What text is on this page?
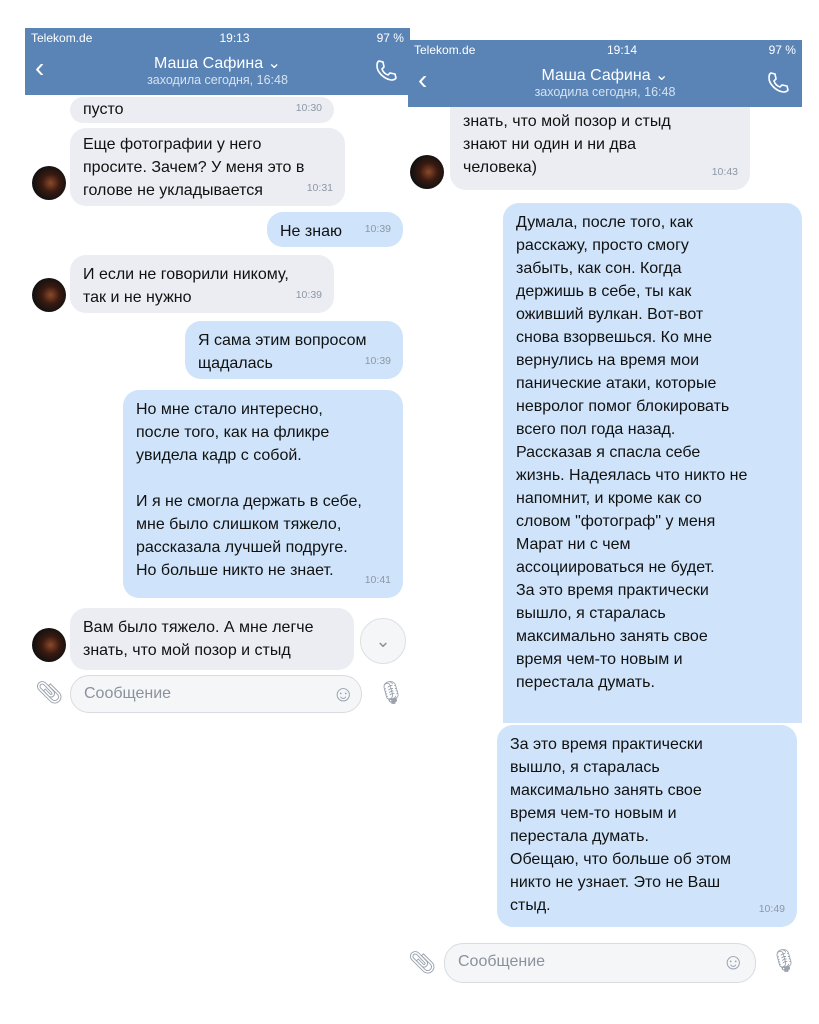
Telekom.de	19:13	97 %
‹	Маша Сафина ⌄
заходила сегодня, 16:48
пусто	10:30
Еще фотографии у него
просите. Зачем? У меня это в
голове не укладывается	10:31
Не знаю 10:39
И если не говорили никому,
так и не нужно	10:39
Я сама этим вопросом
щадалась	10:39
Но мне стало интересно,
после того, как на фликре
увидела кадр с собой.

И я не смогла держать в себе,
мне было слишком тяжело,
рассказала лучшей подруге.
Но больше никто не знает.
10:41
Вам было тяжело. А мне легче
знать, что мой позор и стыд	⌄
📎︎	Сообщение	☺ 🎙︎
Telekom.de	19:14	97 %
‹	Маша Сафина ⌄
заходила сегодня, 16:48
знать, что мой позор и стыд
знают ни один и ни два
человека)	10:43
Думала, после того, как
расскажу, просто смогу
забыть, как сон. Когда
держишь в себе, ты как
оживший вулкан. Вот-вот
снова взорвешься. Ко мне
вернулись на время мои
панические атаки, которые
невролог помог блокировать
всего пол года назад.
Рассказав я спасла себе
жизнь. Надеялась что никто не
напомнит, и кроме как со
словом "фотограф" у меня
Марат ни с чем
ассоциироваться не будет.
За это время практически
вышло, я старалась
максимально занять свое
время чем-то новым и
перестала думать.
За это время практически
вышло, я старалась
максимально занять свое
время чем-то новым и
перестала думать.
Обещаю, что больше об этом
никто не узнает. Это не Ваш
стыд.	10:49
📎︎	Сообщение	☺ 🎙︎
